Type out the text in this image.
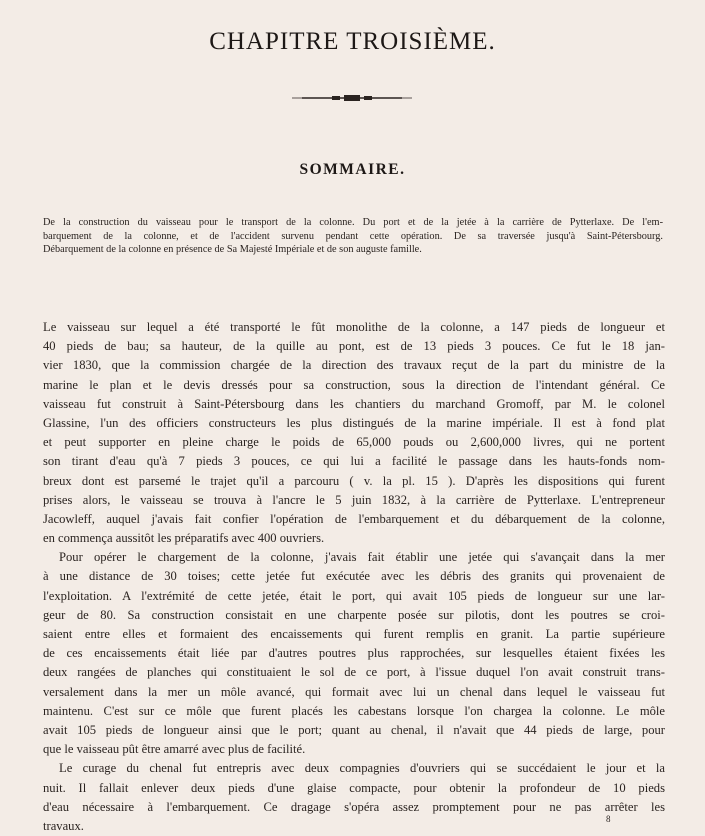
CHAPITRE TROISIÈME.
SOMMAIRE.
De la construction du vaisseau pour le transport de la colonne. Du port et de la jetée à la carrière de Pytterlaxe. De l'em-
barquement de la colonne, et de l'accident survenu pendant cette opération. De sa traversée jusqu'à Saint-Pétersbourg.
Débarquement de la colonne en présence de Sa Majesté Impériale et de son auguste famille.
Le vaisseau sur lequel a été transporté le fût monolithe de la colonne, a 147 pieds de longueur et
40 pieds de bau; sa hauteur, de la quille au pont, est de 13 pieds 3 pouces. Ce fut le 18 jan-
vier 1830, que la commission chargée de la direction des travaux reçut de la part du ministre de la
marine le plan et le devis dressés pour sa construction, sous la direction de l'intendant général. Ce
vaisseau fut construit à Saint-Pétersbourg dans les chantiers du marchand Gromoff, par M. le colonel
Glassine, l'un des officiers constructeurs les plus distingués de la marine impériale. Il est à fond plat
et peut supporter en pleine charge le poids de 65,000 pouds ou 2,600,000 livres, qui ne portent
son tirant d'eau qu'à 7 pieds 3 pouces, ce qui lui a facilité le passage dans les hauts-fonds nom-
breux dont est parsemé le trajet qu'il a parcouru ( v. la pl. 15 ). D'après les dispositions qui furent
prises alors, le vaisseau se trouva à l'ancre le 5 juin 1832, à la carrière de Pytterlaxe. L'entrepreneur
Jacowleff, auquel j'avais fait confier l'opération de l'embarquement et du débarquement de la colonne,
en commença aussitôt les préparatifs avec 400 ouvriers.
Pour opérer le chargement de la colonne, j'avais fait établir une jetée qui s'avançait dans la mer
à une distance de 30 toises; cette jetée fut exécutée avec les débris des granits qui provenaient de
l'exploitation. A l'extrémité de cette jetée, était le port, qui avait 105 pieds de longueur sur une lar-
geur de 80. Sa construction consistait en une charpente posée sur pilotis, dont les poutres se croi-
saient entre elles et formaient des encaissements qui furent remplis en granit. La partie supérieure
de ces encaissements était liée par d'autres poutres plus rapprochées, sur lesquelles étaient fixées les
deux rangées de planches qui constituaient le sol de ce port, à l'issue duquel l'on avait construit trans-
versalement dans la mer un môle avancé, qui formait avec lui un chenal dans lequel le vaisseau fut
maintenu. C'est sur ce môle que furent placés les cabestans lorsque l'on chargea la colonne. Le môle
avait 105 pieds de longueur ainsi que le port; quant au chenal, il n'avait que 44 pieds de large, pour
que le vaisseau pût être amarré avec plus de facilité.
Le curage du chenal fut entrepris avec deux compagnies d'ouvriers qui se succédaient le jour et la
nuit. Il fallait enlever deux pieds d'une glaise compacte, pour obtenir la profondeur de 10 pieds
d'eau nécessaire à l'embarquement. Ce dragage s'opéra assez promptement pour ne pas arrêter les
travaux.	8
